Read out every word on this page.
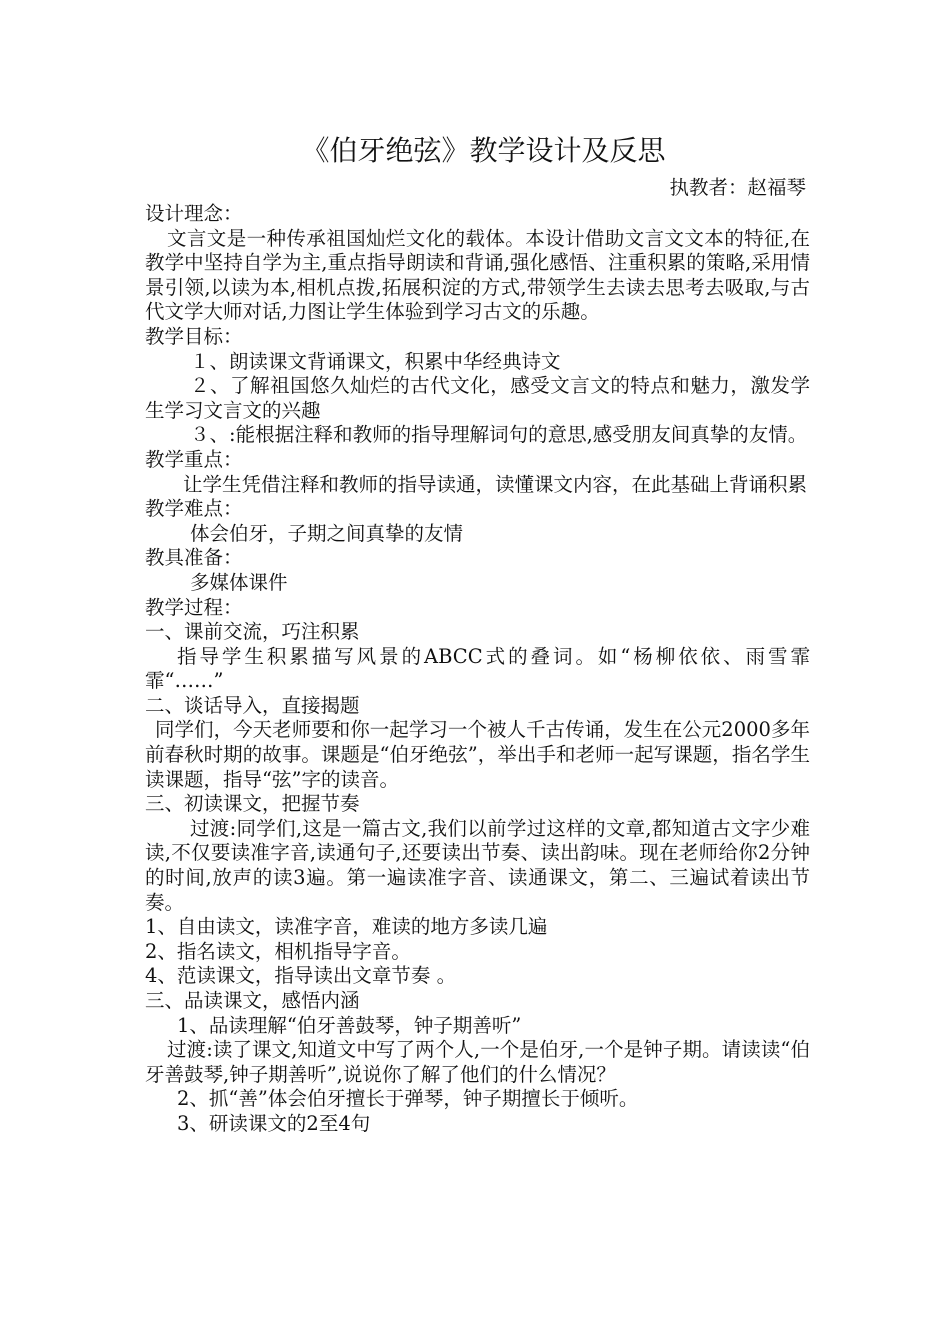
《伯牙绝弦》教学设计及反思
执教者：赵福琴

设计理念：

文言文是一种传承祖国灿烂文化的载体。本设计借助文言文文本的特征,在教学中坚持自学为主,重点指导朗读和背诵,强化感悟、注重积累的策略,采用情景引领,以读为本,相机点拨,拓展积淀的方式,带领学生去读去思考去吸取,与古代文学大师对话,力图让学生体验到学习古文的乐趣。

教学目标：

１、朗读课文背诵课文，积累中华经典诗文

２、了解祖国悠久灿烂的古代文化，感受文言文的特点和魅力，激发学生学习文言文的兴趣

３、:能根据注释和教师的指导理解词句的意思,感受朋友间真挚的友情。

教学重点：

让学生凭借注释和教师的指导读通，读懂课文内容，在此基础上背诵积累

教学难点：

体会伯牙，子期之间真挚的友情

教具准备：

多媒体课件

教学过程：

一、课前交流，巧注积累

指导学生积累描写风景的ABCC式的叠词。如“杨柳依依、雨雪霏霏“……”

二、谈话导入，直接揭题

同学们，今天老师要和你一起学习一个被人千古传诵，发生在公元2000多年前春秋时期的故事。课题是“伯牙绝弦”，举出手和老师一起写课题，指名学生读课题，指导“弦”字的读音。

三、初读课文，把握节奏

过渡:同学们,这是一篇古文,我们以前学过这样的文章,都知道古文字少难读,不仅要读准字音,读通句子,还要读出节奏、读出韵味。现在老师给你2分钟的时间,放声的读3遍。第一遍读准字音、读通课文，第二、三遍试着读出节奏。

1、自由读文，读准字音，难读的地方多读几遍

2、指名读文，相机指导字音。

4、范读课文，指导读出文章节奏 。

三、品读课文，感悟内涵

1、品读理解“伯牙善鼓琴，钟子期善听”

过渡:读了课文,知道文中写了两个人,一个是伯牙,一个是钟子期。请读读“伯牙善鼓琴,钟子期善听”,说说你了解了他们的什么情况？

2、抓“善”体会伯牙擅长于弹琴，钟子期擅长于倾听。

3、研读课文的2至4句
